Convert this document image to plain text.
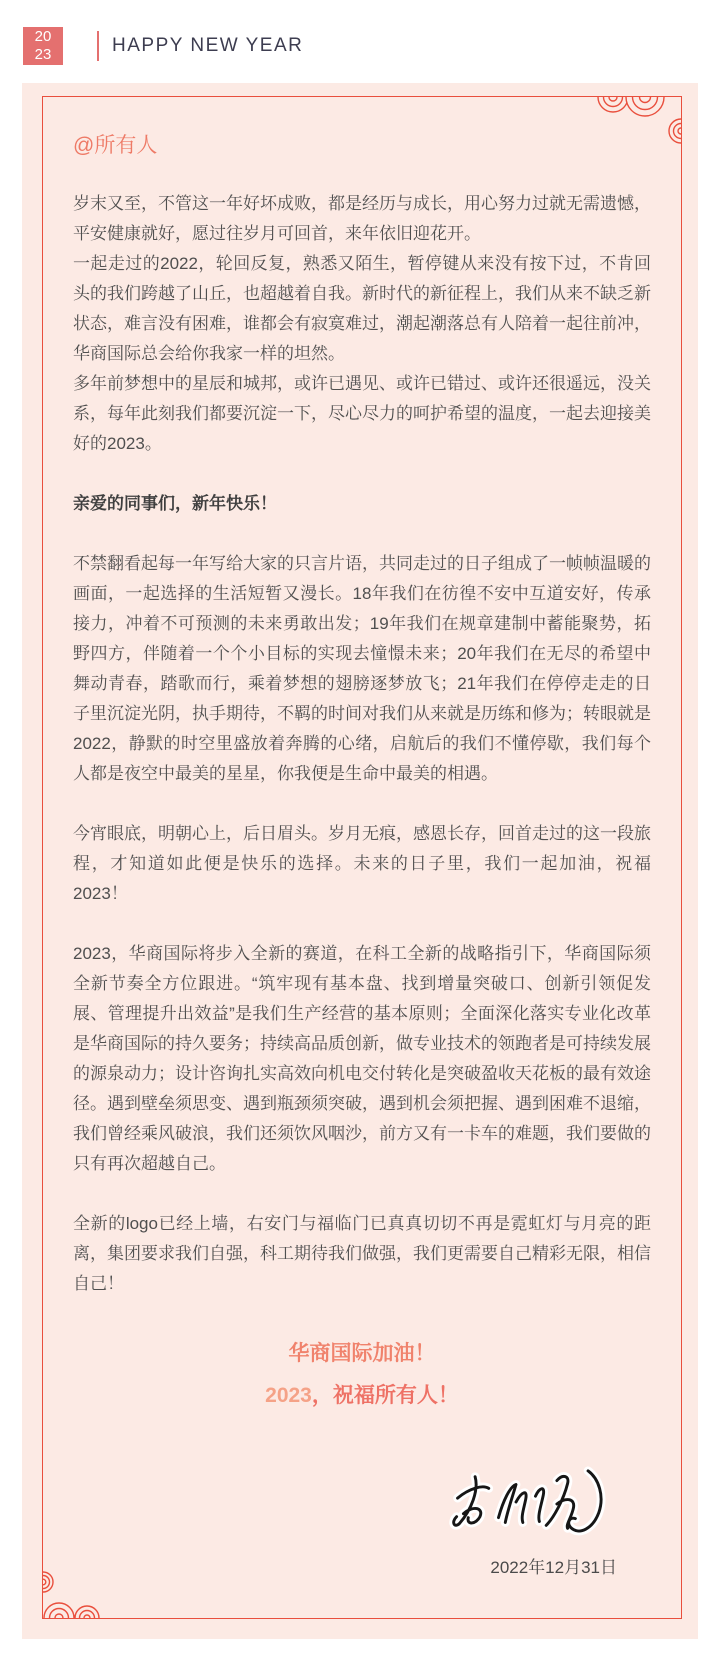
20
23	HAPPY NEW YEAR
@所有人

岁末又至，不管这一年好坏成败，都是经历与成长，用心努力过就无需遗憾，平安健康就好，愿过往岁月可回首，来年依旧迎花开。

一起走过的2022，轮回反复，熟悉又陌生，暂停键从来没有按下过，不肯回头的我们跨越了山丘，也超越着自我。新时代的新征程上，我们从来不缺乏新状态，难言没有困难，谁都会有寂寞难过，潮起潮落总有人陪着一起往前冲，华商国际总会给你我家一样的坦然。

多年前梦想中的星辰和城邦，或许已遇见、或许已错过、或许还很遥远，没关系，每年此刻我们都要沉淀一下，尽心尽力的呵护希望的温度，一起去迎接美好的2023。

亲爱的同事们，新年快乐！

不禁翻看起每一年写给大家的只言片语，共同走过的日子组成了一帧帧温暖的画面，一起选择的生活短暂又漫长。18年我们在彷徨不安中互道安好，传承接力，冲着不可预测的未来勇敢出发；19年我们在规章建制中蓄能聚势，拓野四方，伴随着一个个小目标的实现去憧憬未来；20年我们在无尽的希望中舞动青春，踏歌而行，乘着梦想的翅膀逐梦放飞；21年我们在停停走走的日子里沉淀光阴，执手期待，不羁的时间对我们从来就是历练和修为；转眼就是2022，静默的时空里盛放着奔腾的心绪，启航后的我们不懂停歇，我们每个人都是夜空中最美的星星，你我便是生命中最美的相遇。

今宵眼底，明朝心上，后日眉头。岁月无痕，感恩长存，回首走过的这一段旅程，才知道如此便是快乐的选择。未来的日子里，我们一起加油，祝福2023！

2023，华商国际将步入全新的赛道，在科工全新的战略指引下，华商国际须全新节奏全方位跟进。“筑牢现有基本盘、找到增量突破口、创新引领促发展、管理提升出效益”是我们生产经营的基本原则；全面深化落实专业化改革是华商国际的持久要务；持续高品质创新，做专业技术的领跑者是可持续发展的源泉动力；设计咨询扎实高效向机电交付转化是突破盈收天花板的最有效途径。遇到壁垒须思变、遇到瓶颈须突破，遇到机会须把握、遇到困难不退缩，我们曾经乘风破浪，我们还须饮风咽沙，前方又有一卡车的难题，我们要做的只有再次超越自己。

全新的logo已经上墙，右安门与福临门已真真切切不再是霓虹灯与月亮的距离，集团要求我们自强，科工期待我们做强，我们更需要自己精彩无限，相信自己！

华商国际加油！
2023，祝福所有人！
2022年12月31日
